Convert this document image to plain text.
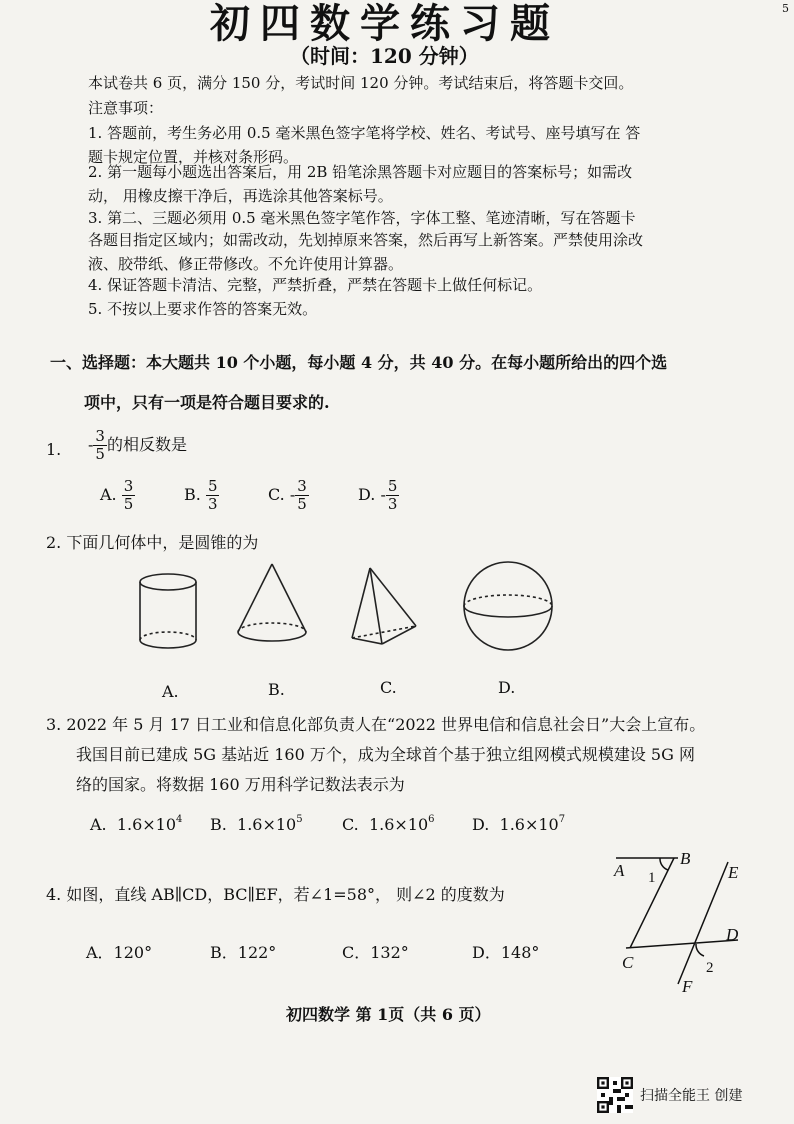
初四数学练习题	5
（时间：120 分钟）
本试卷共 6 页，满分 150 分，考试时间 120 分钟。考试结束后，将答题卡交回。
注意事项：
1. 答题前，考生务必用 0.5 毫米黑色签字笔将学校、姓名、考试号、座号填写在 答
题卡规定位置，并核对条形码。
2. 第一题每小题选出答案后，用 2B 铅笔涂黑答题卡对应题目的答案标号；如需改
动， 用橡皮擦干净后，再选涂其他答案标号。
3. 第二、三题必须用 0.5 毫米黑色签字笔作答，字体工整、笔迹清晰，写在答题卡
各题目指定区域内；如需改动，先划掉原来答案，然后再写上新答案。严禁使用涂改
液、胶带纸、修正带修改。不允许使用计算器。
4. 保证答题卡清洁、完整，严禁折叠，严禁在答题卡上做任何标记。
5. 不按以上要求作答的答案无效。
一、选择题：本大题共 10 个小题，每小题 4 分，共 40 分。在每小题所给出的四个选
项中，只有一项是符合题目要求的.
1. - $\frac{3}{5}$ 的相反数是
A. $\frac{3}{5}$	B. $\frac{5}{3}$	C. - $\frac{3}{5}$	D. - $\frac{5}{3}$
2. 下面几何体中，是圆锥的为
A.	B.	C.	D.
3. 2022 年 5 月 17 日工业和信息化部负责人在“2022 世界电信和信息社会日”大会上宣布。
我国目前已建成 5G 基站近 160 万个，成为全球首个基于独立组网模式规模建设 5G 网
络的国家。将数据 160 万用科学记数法表示为
A. $1.6\times 10^4$ B. $1.6\times 10^5$ C. $1.6\times 10^6$ D. $1.6\times 10^7$
4. 如图，直线 AB∥CD，BC∥EF，若∠1=58°， 则∠2 的度数为
A．120°	B．122°	C．132°	D．148°
A
B
E
D
C
F
1
2
初四数学 第 1页（共 6 页）
扫描全能王 创建
